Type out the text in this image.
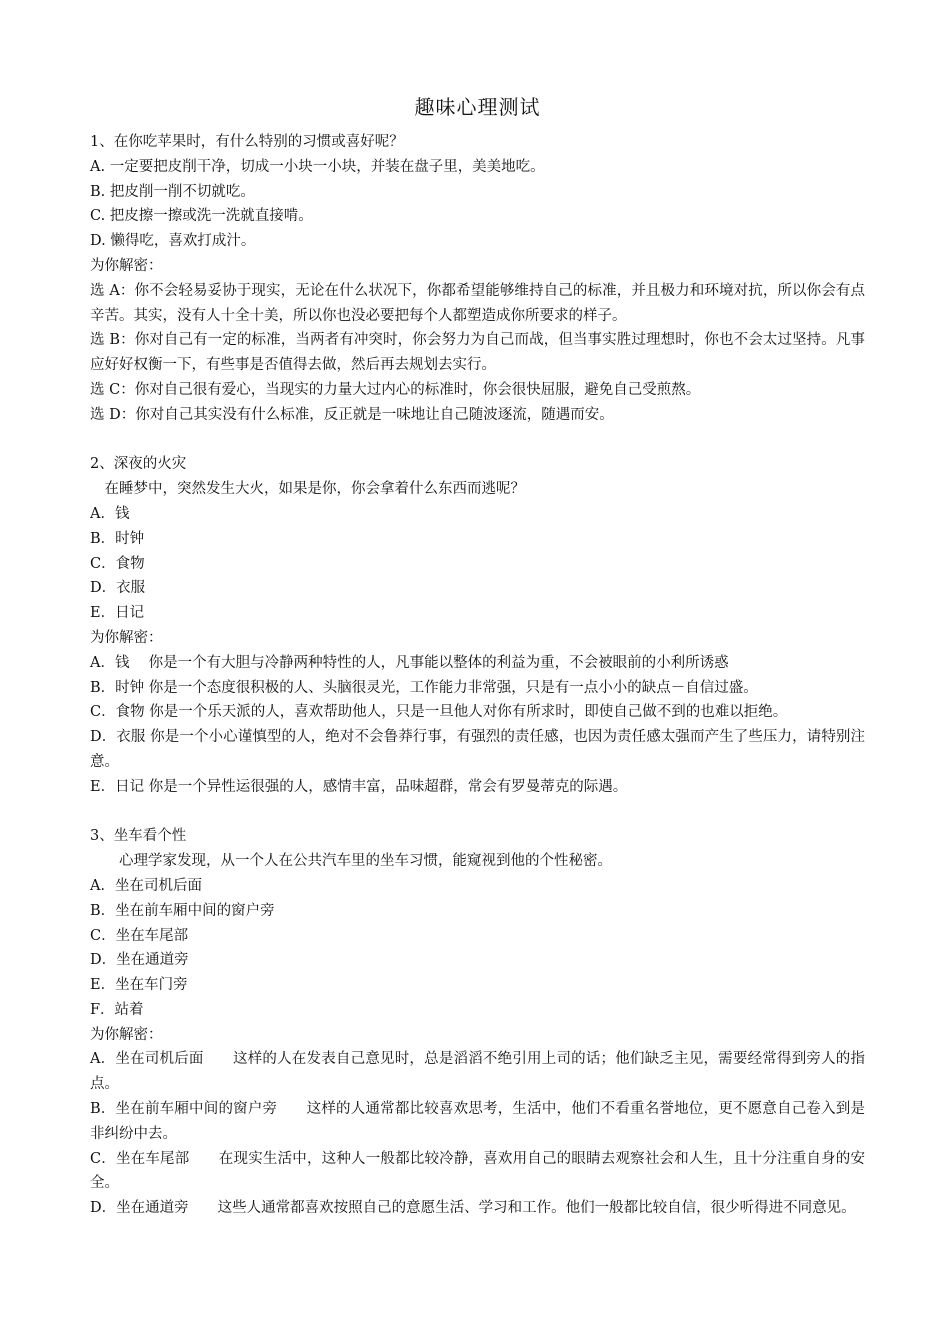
趣味心理测试

1、在你吃苹果时，有什么特别的习惯或喜好呢？

A. 一定要把皮削干净，切成一小块一小块，并装在盘子里，美美地吃。

B. 把皮削一削不切就吃。

C. 把皮擦一擦或洗一洗就直接啃。

D. 懒得吃，喜欢打成汁。

为你解密：

选 A：你不会轻易妥协于现实，无论在什么状况下，你都希望能够维持自己的标准，并且极力和环境对抗，所以你会有点辛苦。其实，没有人十全十美，所以你也没必要把每个人都塑造成你所要求的样子。

选 B：你对自己有一定的标准，当两者有冲突时，你会努力为自己而战，但当事实胜过理想时，你也不会太过坚持。凡事应好好权衡一下，有些事是否值得去做，然后再去规划去实行。

选 C：你对自己很有爱心，当现实的力量大过内心的标准时，你会很快屈服，避免自己受煎熬。

选 D：你对自己其实没有什么标准，反正就是一味地让自己随波逐流，随遇而安。

2、深夜的火灾

在睡梦中，突然发生大火，如果是你，你会拿着什么东西而逃呢？

A．钱

B．时钟

C．食物

D．衣服

E．日记

为你解密：

A．钱　 你是一个有大胆与冷静两种特性的人，凡事能以整体的利益为重，不会被眼前的小利所诱惑

B．时钟 你是一个态度很积极的人、头脑很灵光，工作能力非常强，只是有一点小小的缺点－自信过盛。

C．食物 你是一个乐天派的人，喜欢帮助他人，只是一旦他人对你有所求时，即使自己做不到的也难以拒绝。

D．衣服 你是一个小心谨慎型的人，绝对不会鲁莽行事，有强烈的责任感，也因为责任感太强而产生了些压力，请特别注意。

E．日记 你是一个异性运很强的人，感情丰富，品味超群，常会有罗曼蒂克的际遇。

3、坐车看个性

心理学家发现，从一个人在公共汽车里的坐车习惯，能窥视到他的个性秘密。

A．坐在司机后面

B．坐在前车厢中间的窗户旁

C．坐在车尾部

D．坐在通道旁

E．坐在车门旁

F．站着

为你解密：

A．坐在司机后面　　这样的人在发表自己意见时，总是滔滔不绝引用上司的话；他们缺乏主见，需要经常得到旁人的指点。

B．坐在前车厢中间的窗户旁　　这样的人通常都比较喜欢思考，生活中，他们不看重名誉地位，更不愿意自己卷入到是非纠纷中去。

C．坐在车尾部　　在现实生活中，这种人一般都比较冷静，喜欢用自己的眼睛去观察社会和人生，且十分注重自身的安全。

D．坐在通道旁　　这些人通常都喜欢按照自己的意愿生活、学习和工作。他们一般都比较自信，很少听得进不同意见。
